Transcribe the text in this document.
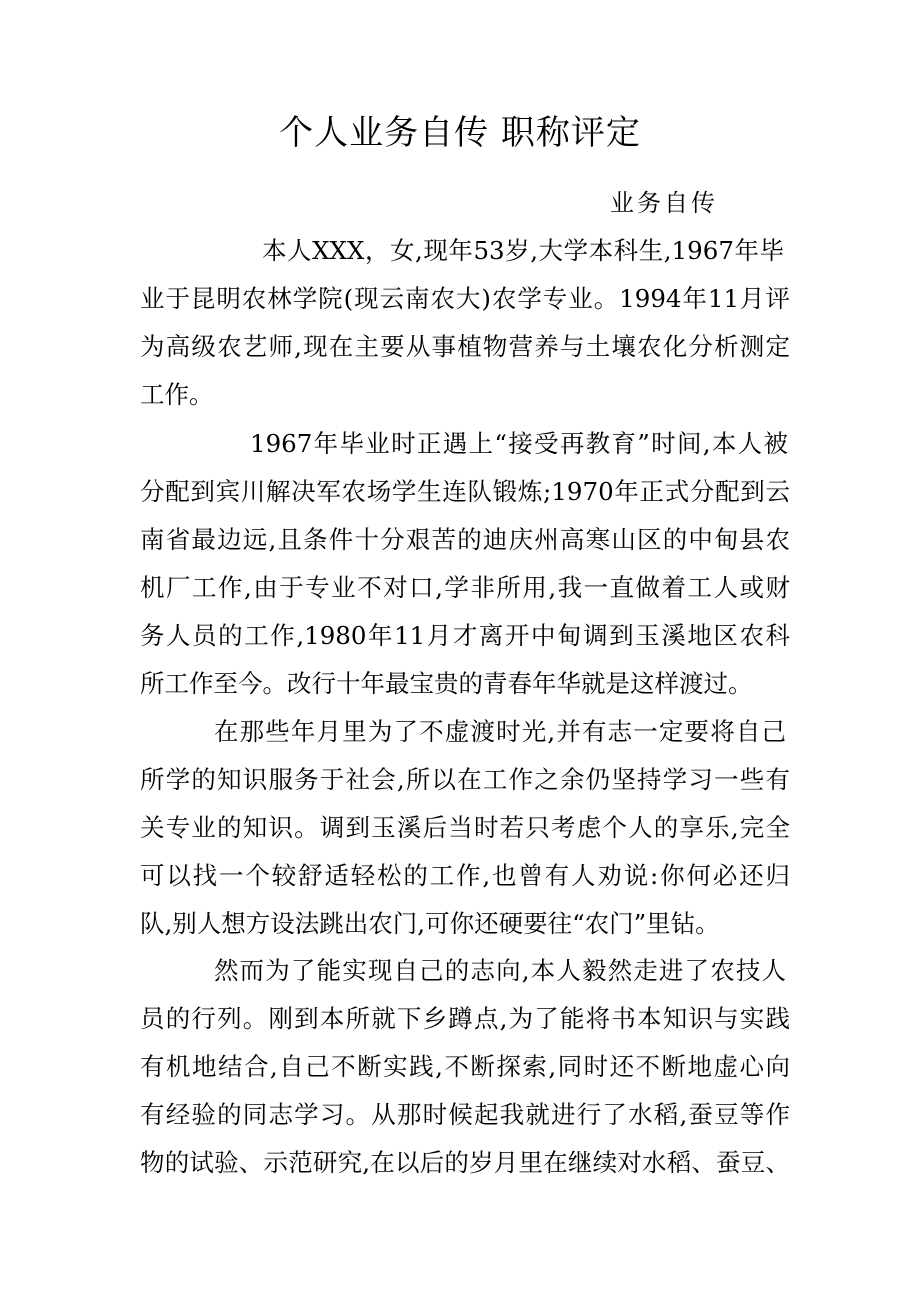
个人业务自传 职称评定
业务自传
本人XXX，女,现年53岁,大学本科生,1967年毕
业于昆明农林学院(现云南农大)农学专业。1994年11月评
为高级农艺师,现在主要从事植物营养与土壤农化分析测定
工作。
1967年毕业时正遇上“接受再教育”时间,本人被
分配到宾川解决军农场学生连队锻炼;1970年正式分配到云
南省最边远,且条件十分艰苦的迪庆州高寒山区的中甸县农
机厂工作,由于专业不对口,学非所用,我一直做着工人或财
务人员的工作,1980年11月才离开中甸调到玉溪地区农科
所工作至今。改行十年最宝贵的青春年华就是这样渡过。
在那些年月里为了不虚渡时光,并有志一定要将自己
所学的知识服务于社会,所以在工作之余仍坚持学习一些有
关专业的知识。调到玉溪后当时若只考虑个人的享乐,完全
可以找一个较舒适轻松的工作,也曾有人劝说:你何必还归
队,别人想方设法跳出农门,可你还硬要往“农门”里钻。
然而为了能实现自己的志向,本人毅然走进了农技人
员的行列。刚到本所就下乡蹲点,为了能将书本知识与实践
有机地结合,自己不断实践,不断探索,同时还不断地虚心向
有经验的同志学习。从那时候起我就进行了水稻,蚕豆等作
物的试验、示范研究,在以后的岁月里在继续对水稻、蚕豆、
